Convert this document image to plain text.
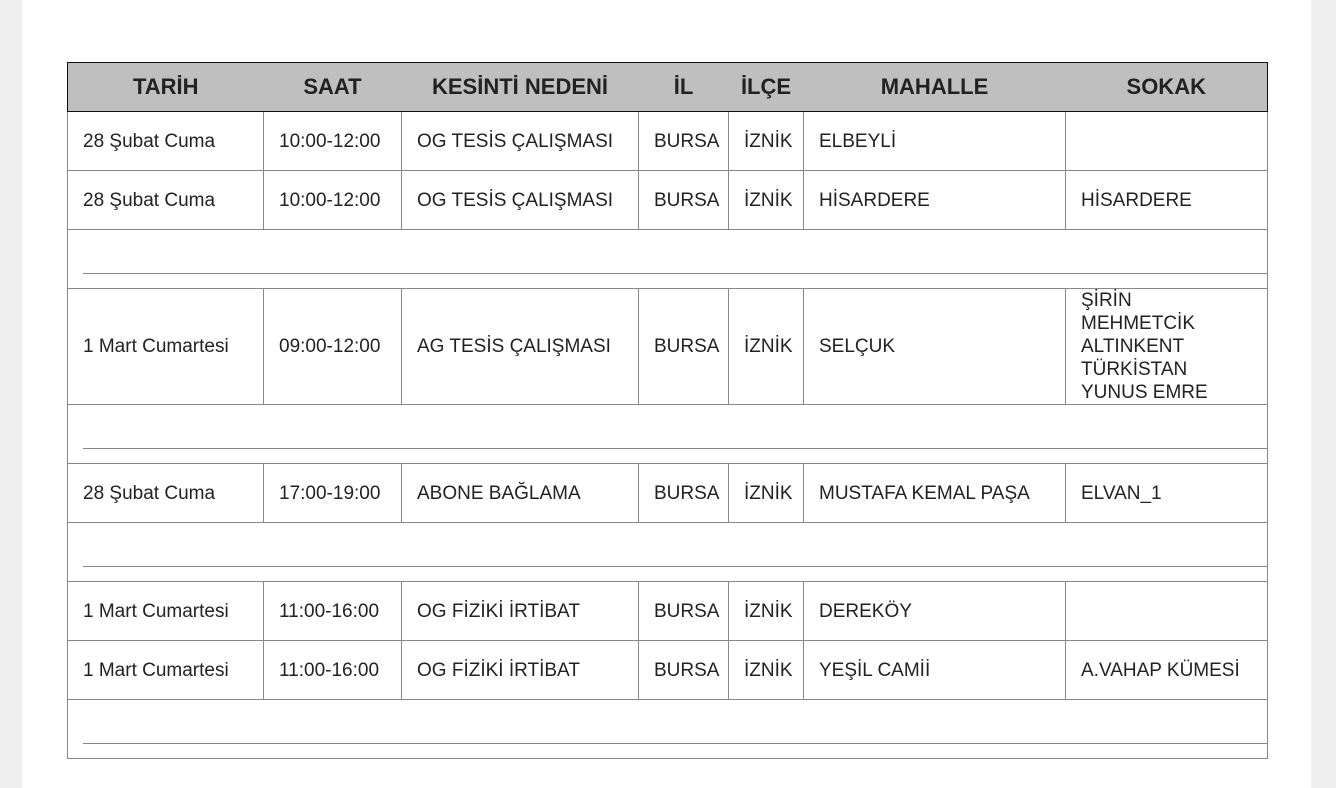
TARİH	SAAT	KESİNTİ NEDENİ	İL	İLÇE	MAHALLE	SOKAK
28 Şubat Cuma	10:00-12:00	OG TESİS ÇALIŞMASI	BURSA	İZNİK	ELBEYLİ	
28 Şubat Cuma	10:00-12:00	OG TESİS ÇALIŞMASI	BURSA	İZNİK	HİSARDERE	HİSARDERE

1 Mart Cumartesi	09:00-12:00	AG TESİS ÇALIŞMASI	BURSA	İZNİK	SELÇUK	ŞİRİN
MEHMETCİK
ALTINKENT
TÜRKİSTAN
YUNUS EMRE

28 Şubat Cuma	17:00-19:00	ABONE BAĞLAMA	BURSA	İZNİK	MUSTAFA KEMAL PAŞA	ELVAN_1

1 Mart Cumartesi	11:00-16:00	OG FİZİKİ İRTİBAT	BURSA	İZNİK	DEREKÖY	
1 Mart Cumartesi	11:00-16:00	OG FİZİKİ İRTİBAT	BURSA	İZNİK	YEŞİL CAMİİ	A.VAHAP KÜMESİ
